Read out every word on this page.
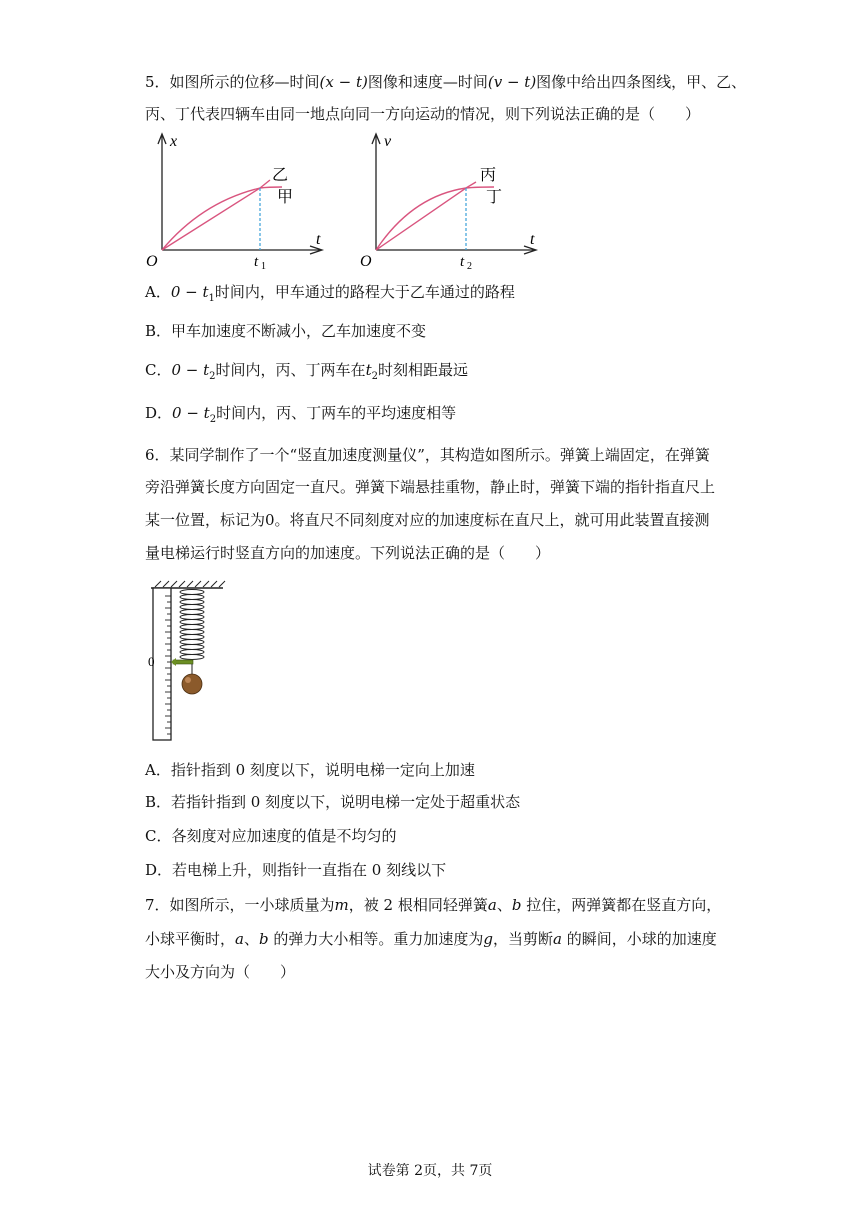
5．如图所示的位移—时间(x − t)图像和速度—时间(v − t)图像中给出四条图线，甲、乙、
丙、丁代表四辆车由同一地点向同一方向运动的情况，则下列说法正确的是（　　）
x
t
O	t 1
乙
甲
v
t
O	t 2
丙
丁
A．$0 - t_1$时间内，甲车通过的路程大于乙车通过的路程
B．甲车加速度不断减小，乙车加速度不变
C．$0 - t_2$时间内，丙、丁两车在$t_2$时刻相距最远
D．$0 - t_2$时间内，丙、丁两车的平均速度相等
6．某同学制作了一个“竖直加速度测量仪”，其构造如图所示。弹簧上端固定，在弹簧
旁沿弹簧长度方向固定一直尺。弹簧下端悬挂重物，静止时，弹簧下端的指针指直尺上
某一位置，标记为0。将直尺不同刻度对应的加速度标在直尺上，就可用此装置直接测
量电梯运行时竖直方向的加速度。下列说法正确的是（　　）
0
A．指针指到 0 刻度以下，说明电梯一定向上加速
B．若指针指到 0 刻度以下，说明电梯一定处于超重状态
C．各刻度对应加速度的值是不均匀的
D．若电梯上升，则指针一直指在 0 刻线以下
7．如图所示，一小球质量为m，被 2 根相同轻弹簧a、b 拉住，两弹簧都在竖直方向，
小球平衡时，a、b 的弹力大小相等。重力加速度为g，当剪断a 的瞬间，小球的加速度
大小及方向为（　　）
试卷第 2页，共 7页
